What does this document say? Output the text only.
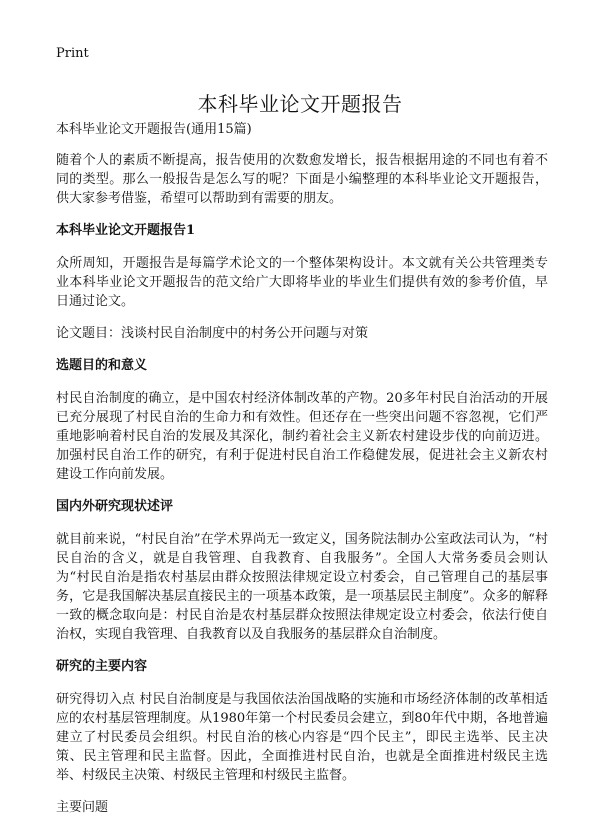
Print
本科毕业论文开题报告

本科毕业论文开题报告(通用15篇)

随着个人的素质不断提高，报告使用的次数愈发增长，报告根据用途的不同也有着不同的类型。那么一般报告是怎么写的呢？下面是小编整理的本科毕业论文开题报告，供大家参考借鉴，希望可以帮助到有需要的朋友。

本科毕业论文开题报告1

众所周知，开题报告是每篇学术论文的一个整体架构设计。本文就有关公共管理类专业本科毕业论文开题报告的范文给广大即将毕业的毕业生们提供有效的参考价值，早日通过论文。

论文题目：浅谈村民自治制度中的村务公开问题与对策

选题目的和意义

村民自治制度的确立，是中国农村经济体制改革的产物。20多年村民自治活动的开展已充分展现了村民自治的生命力和有效性。但还存在一些突出问题不容忽视，它们严重地影响着村民自治的发展及其深化，制约着社会主义新农村建设步伐的向前迈进。加强村民自治工作的研究，有利于促进村民自治工作稳健发展，促进社会主义新农村建设工作向前发展。

国内外研究现状述评

就目前来说，“村民自治”在学术界尚无一致定义，国务院法制办公室政法司认为，“村民自治的含义，就是自我管理、自我教育、自我服务”。全国人大常务委员会则认为“村民自治是指农村基层由群众按照法律规定设立村委会，自己管理自己的基层事务，它是我国解决基层直接民主的一项基本政策，是一项基层民主制度”。众多的解释一致的概念取向是：村民自治是农村基层群众按照法律规定设立村委会，依法行使自治权，实现自我管理、自我教育以及自我服务的基层群众自治制度。

研究的主要内容

研究得切入点 村民自治制度是与我国依法治国战略的实施和市场经济体制的改革相适应的农村基层管理制度。从1980年第一个村民委员会建立，到80年代中期，各地普遍建立了村民委员会组织。村民自治的核心内容是“四个民主”，即民主选举、民主决策、民主管理和民主监督。因此，全面推进村民自治，也就是全面推进村级民主选举、村级民主决策、村级民主管理和村级民主监督。

主要问题
